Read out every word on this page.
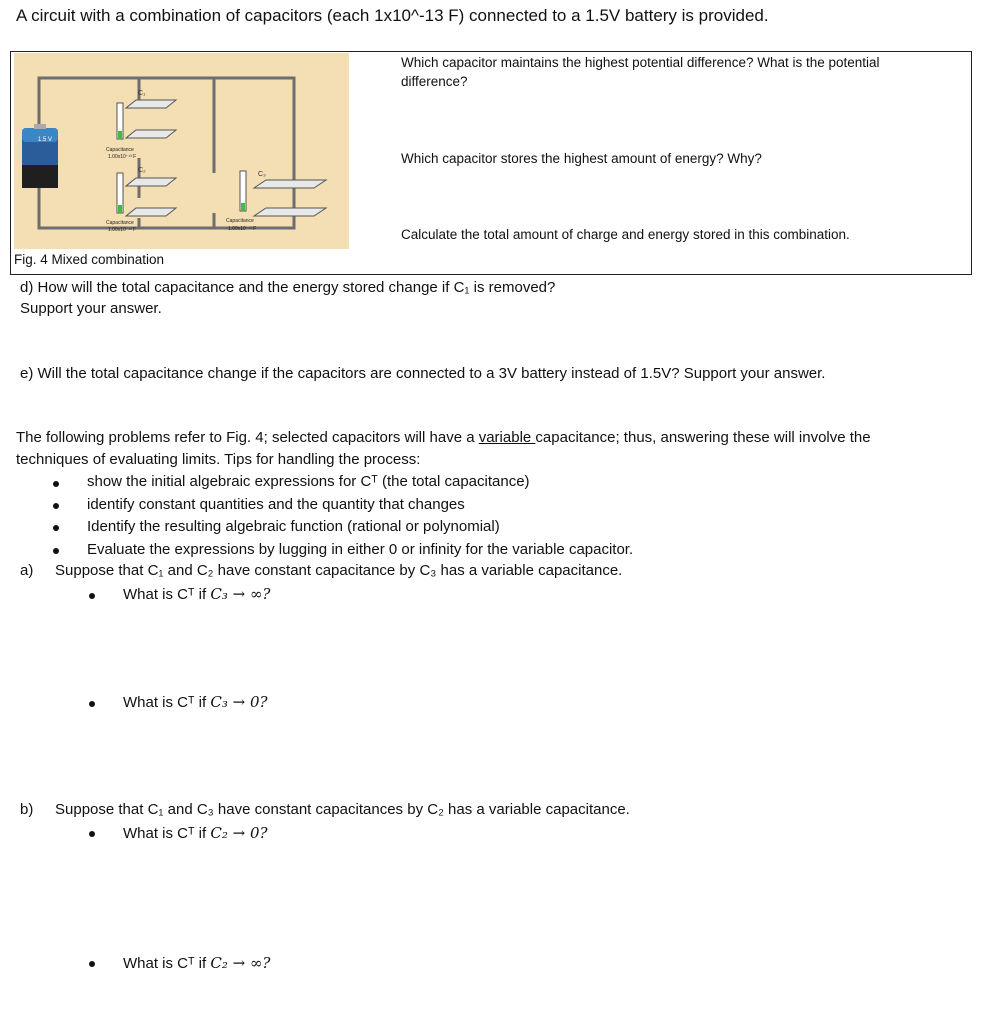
A circuit with a combination of capacitors (each 1x10^-13 F) connected to a 1.5V battery is provided.
1.5 V
C₁
Capacitance
1.00x10⁻¹³ F
C₂
Capacitance
1.00x10⁻¹³ F
C₃
Capacitance
1.00x10⁻¹³ F
Which capacitor maintains the highest potential difference? What is the potential difference?
Which capacitor stores the highest amount of energy? Why?
Calculate the total amount of charge and energy stored in this combination.
Fig. 4 Mixed combination
d) How will the total capacitance and the energy stored change if C₁ is removed?
Support your answer.
e) Will the total capacitance change if the capacitors are connected to a 3V battery instead of 1.5V? Support your answer.
The following problems refer to Fig. 4; selected capacitors will have a variable capacitance; thus, answering these will involve the
techniques of evaluating limits. Tips for handling the process:
show the initial algebraic expressions for Cᵀ (the total capacitance)
identify constant quantities and the quantity that changes
Identify the resulting algebraic function (rational or polynomial)
Evaluate the expressions by lugging in either 0 or infinity for the variable capacitor.
a) Suppose that C₁ and C₂ have constant capacitance by C₃ has a variable capacitance.
What is Cᵀ if C₃ → ∞?
What is Cᵀ if C₃ → 0?
b) Suppose that C₁ and C₃ have constant capacitances by C₂ has a variable capacitance.
What is Cᵀ if C₂ → 0?
What is Cᵀ if C₂ → ∞?
